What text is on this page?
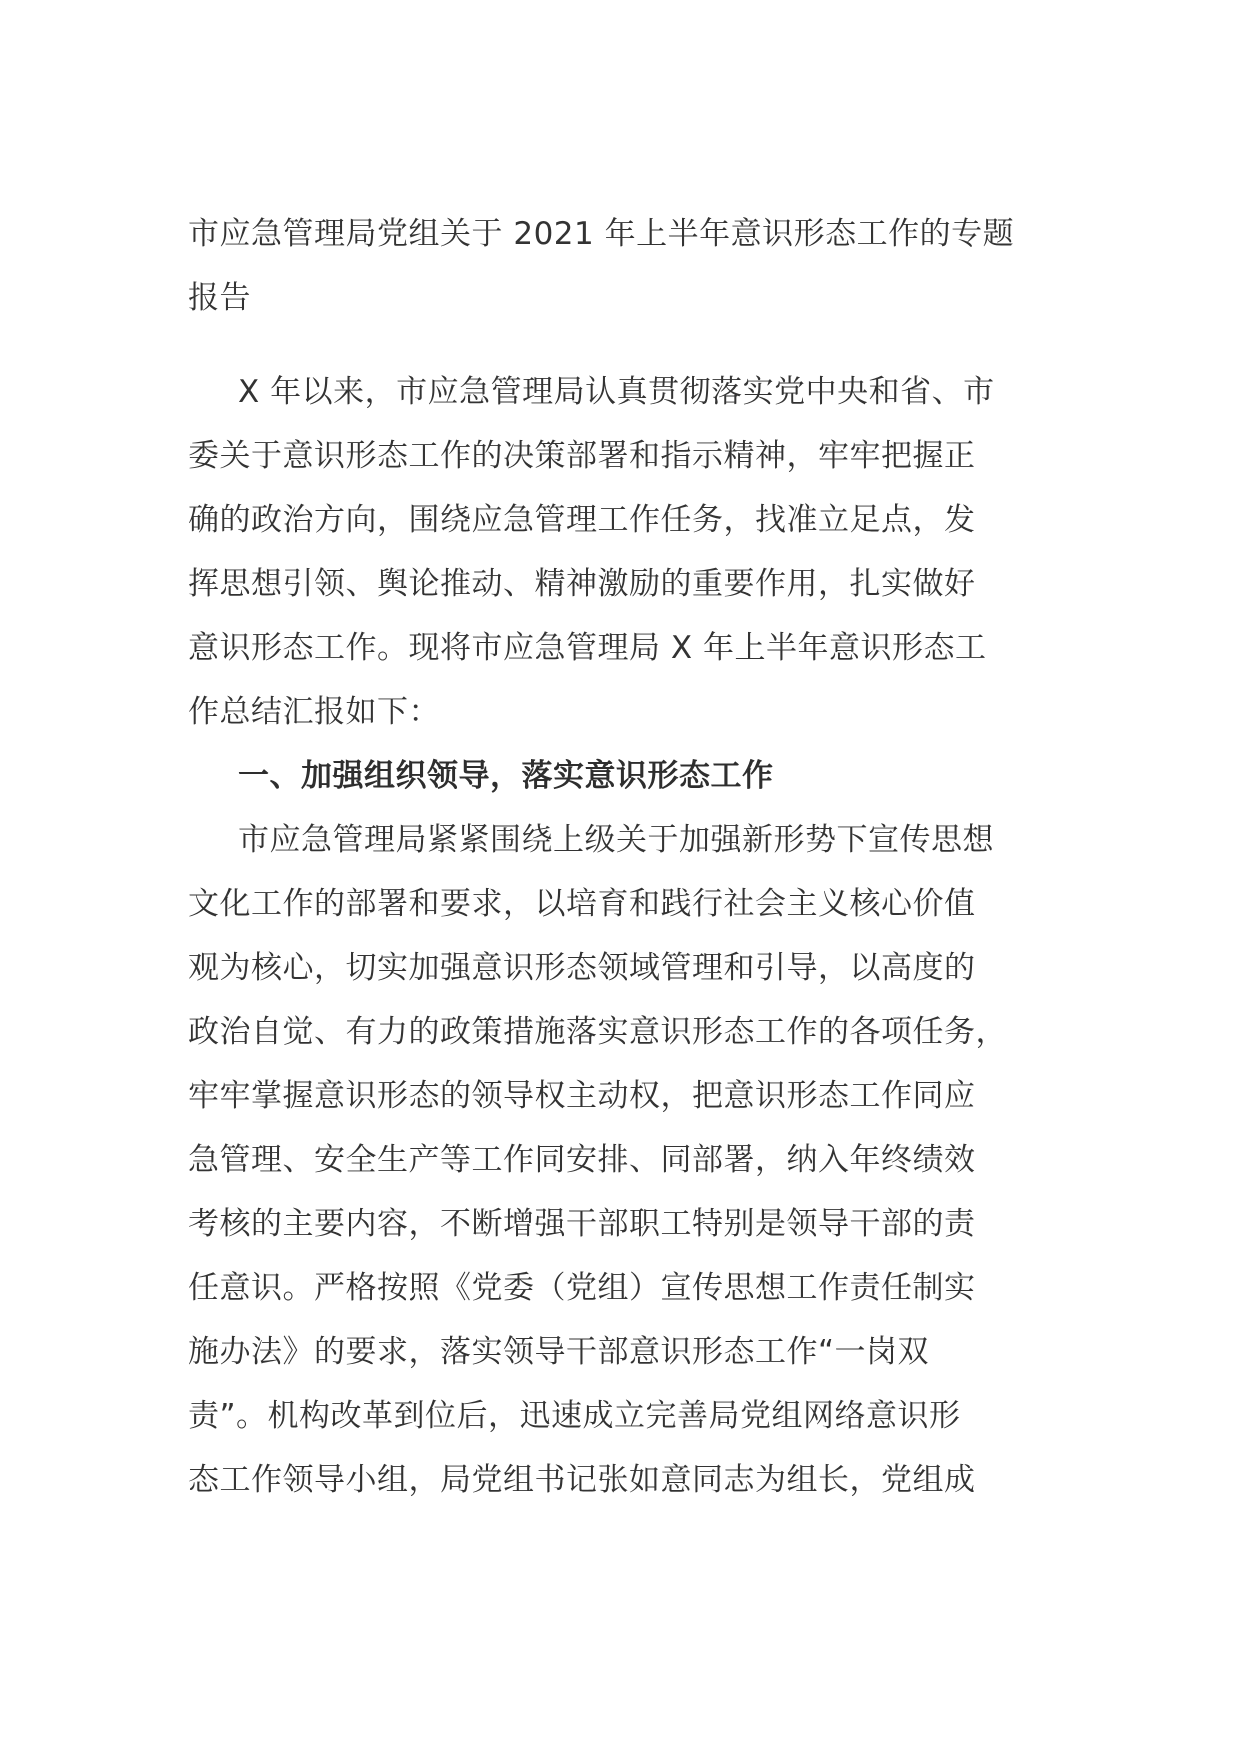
市应急管理局党组关于 2021 年上半年意识形态工作的专题
报告
X 年以来，市应急管理局认真贯彻落实党中央和省、市
委关于意识形态工作的决策部署和指示精神，牢牢把握正
确的政治方向，围绕应急管理工作任务，找准立足点，发
挥思想引领、舆论推动、精神激励的重要作用，扎实做好
意识形态工作。现将市应急管理局 X 年上半年意识形态工
作总结汇报如下：
一、加强组织领导，落实意识形态工作
市应急管理局紧紧围绕上级关于加强新形势下宣传思想
文化工作的部署和要求，以培育和践行社会主义核心价值
观为核心，切实加强意识形态领域管理和引导，以高度的
政治自觉、有力的政策措施落实意识形态工作的各项任务，
牢牢掌握意识形态的领导权主动权，把意识形态工作同应
急管理、安全生产等工作同安排、同部署，纳入年终绩效
考核的主要内容，不断增强干部职工特别是领导干部的责
任意识。严格按照《党委（党组）宣传思想工作责任制实
施办法》的要求，落实领导干部意识形态工作“一岗双
责”。机构改革到位后，迅速成立完善局党组网络意识形
态工作领导小组，局党组书记张如意同志为组长，党组成
